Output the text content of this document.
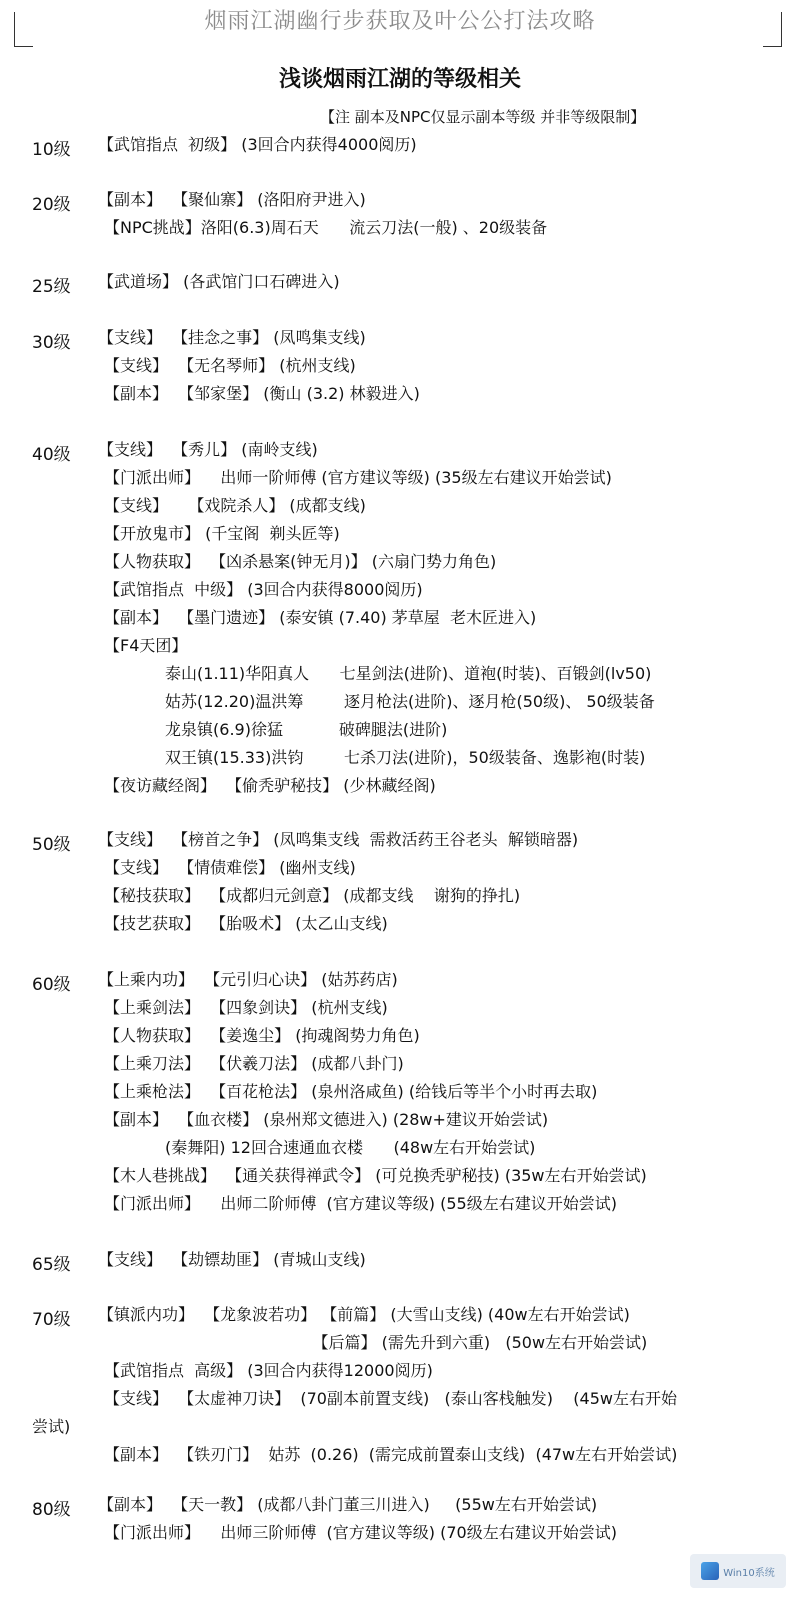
烟雨江湖幽行步获取及叶公公打法攻略
浅谈烟雨江湖的等级相关
【注 副本及NPC仅显示副本等级 并非等级限制】
10级 【武馆指点  初级】 (3回合内获得4000阅历)
20级 【副本】  【聚仙寨】 (洛阳府尹进入)
【NPC挑战】洛阳(6.3)周石天      流云刀法(一般) 、20级装备
25级 【武道场】 (各武馆门口石碑进入)
30级 【支线】  【挂念之事】 (凤鸣集支线)
【支线】  【无名琴师】 (杭州支线)
【副本】  【邹家堡】 (衡山 (3.2) 林毅进入)
40级 【支线】  【秀儿】 (南岭支线)
【门派出师】    出师一阶师傅 (官方建议等级) (35级左右建议开始尝试)
【支线】    【戏院杀人】 (成都支线)
【开放鬼市】 (千宝阁  剃头匠等)
【人物获取】  【凶杀悬案(钟无月)】 (六扇门势力角色)
【武馆指点  中级】 (3回合内获得8000阅历)
【副本】  【墨门遗迹】 (泰安镇 (7.40) 茅草屋  老木匠进入)
【F4天团】
泰山(1.11)华阳真人      七星剑法(进阶)、道袍(时装)、百锻剑(lv50)
姑苏(12.20)温洪筹        逐月枪法(进阶)、逐月枪(50级)、 50级装备
龙泉镇(6.9)徐猛           破碑腿法(进阶)
双王镇(15.33)洪钧        七杀刀法(进阶)，50级装备、逸影袍(时装)
【夜访藏经阁】  【偷秃驴秘技】 (少林藏经阁)
50级 【支线】  【榜首之争】 (凤鸣集支线  需救活药王谷老头  解锁暗器)
【支线】  【情债难偿】 (幽州支线)
【秘技获取】  【成都归元剑意】 (成都支线    谢狗的挣扎)
【技艺获取】  【胎吸术】 (太乙山支线)
60级 【上乘内功】  【元引归心诀】 (姑苏药店)
【上乘剑法】  【四象剑诀】 (杭州支线)
【人物获取】  【姜逸尘】 (拘魂阁势力角色)
【上乘刀法】  【伏羲刀法】 (成都八卦门)
【上乘枪法】  【百花枪法】 (泉州洛咸鱼) (给钱后等半个小时再去取)
【副本】  【血衣楼】 (泉州郑文德进入) (28w+建议开始尝试)
(秦舞阳) 12回合速通血衣楼      (48w左右开始尝试)
【木人巷挑战】  【通关获得禅武令】 (可兑换秃驴秘技) (35w左右开始尝试)
【门派出师】    出师二阶师傅  (官方建议等级) (55级左右建议开始尝试)
65级 【支线】  【劫镖劫匪】 (青城山支线)
70级 【镇派内功】  【龙象波若功】 【前篇】 (大雪山支线) (40w左右开始尝试)
【后篇】 (需先升到六重)   (50w左右开始尝试)
【武馆指点  高级】 (3回合内获得12000阅历)
【支线】  【太虚神刀诀】  (70副本前置支线)   (泰山客栈触发)    (45w左右开始
尝试)
【副本】  【铁刃门】  姑苏  (0.26)  (需完成前置泰山支线)  (47w左右开始尝试)
80级 【副本】  【天一教】 (成都八卦门董三川进入)     (55w左右开始尝试)
【门派出师】    出师三阶师傅  (官方建议等级) (70级左右建议开始尝试)
Win10系统
